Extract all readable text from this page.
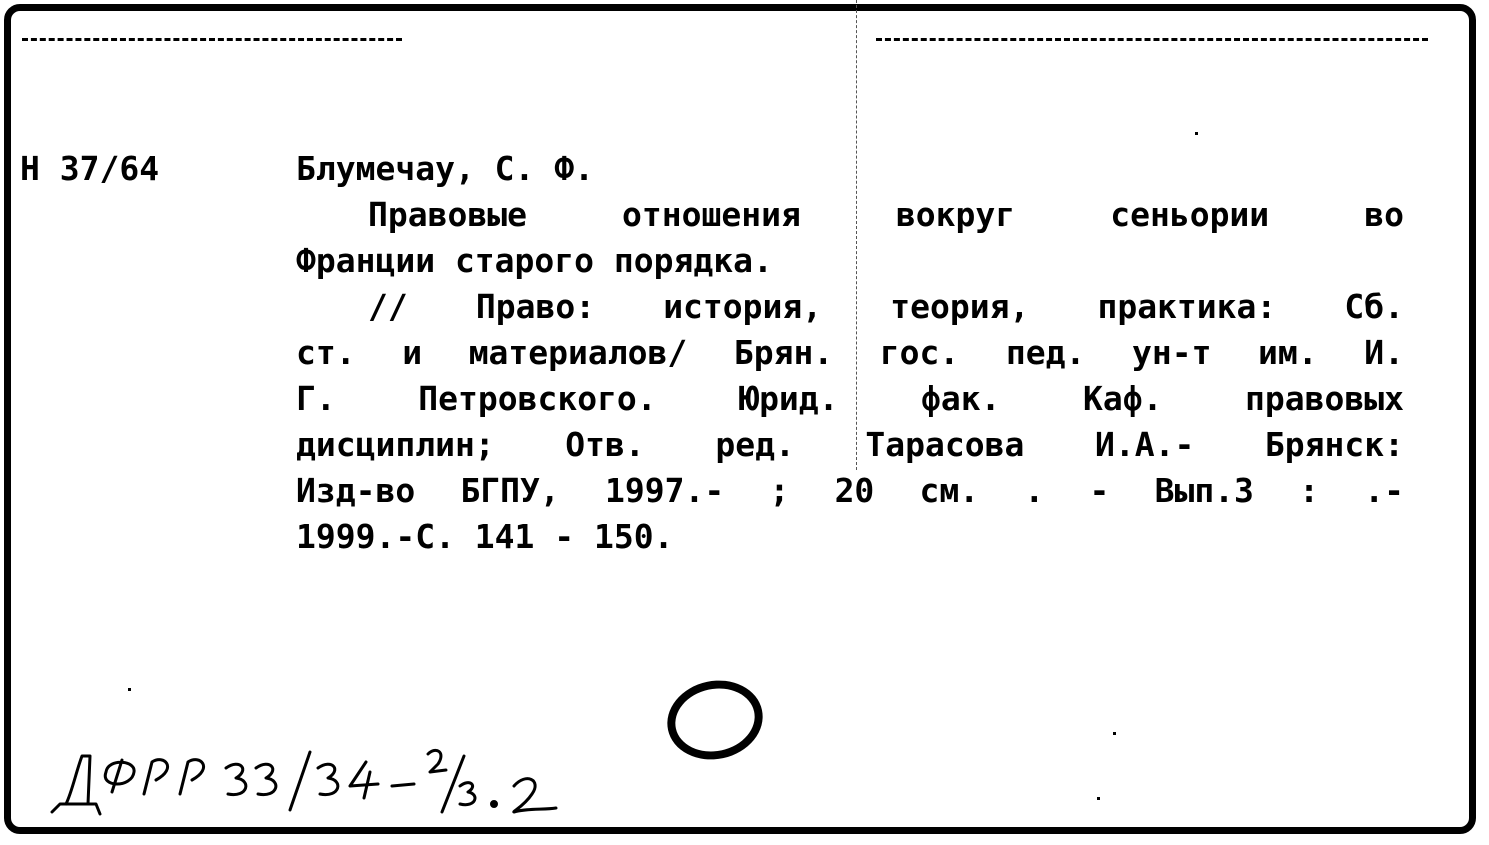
Н 37/64	Блумечау, С. Ф.
Правовые отношения вокруг сеньории во
Франции старого порядка.
// Право: история, теория, практика: Сб.
ст. и материалов/ Брян. гос. пед. ун-т им. И.
Г. Петровского. Юрид. фак. Каф. правовых
дисциплин; Отв. ред. Тарасова И.А.- Брянск:
Изд-во БГПУ, 1997.- ; 20 см. . - Вып.3 : .-
1999.-С. 141 - 150.
